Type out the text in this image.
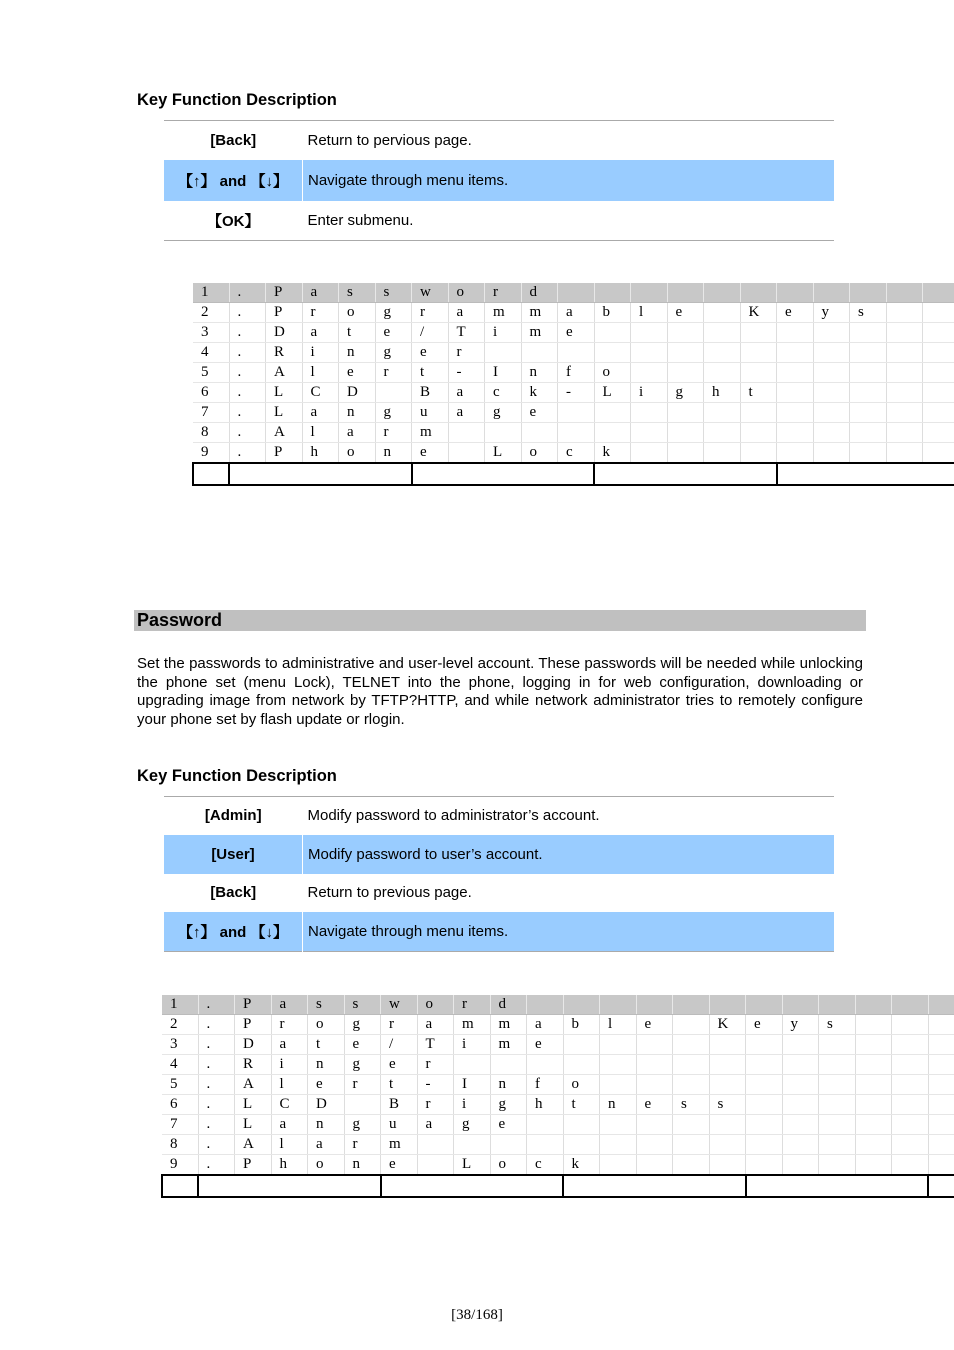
Key Function Description
[Back]	Return to pervious page.
【↑】 and 【↓】	Navigate through menu items.
【OK】	Enter submenu.
1	.	P	a	s	s	w	o	r	d												
2	.	P	r	o	g	r	a	m	m	a	b	l	e		K	e	y	s			
3	.	D	a	t	e	/	T	i	m	e											
4	.	R	i	n	g	e	r														
5	.	A	l	e	r	t	-	I	n	f	o										
6	.	L	C	D		B	a	c	k	-	L	i	g	h	t						
7	.	L	a	n	g	u	a	g	e												
8	.	A	l	a	r	m															
9	.	P	h	o	n	e		L	o	c	k										

Password

Set the passwords to administrative and user-level account. These passwords will be needed while unlocking the phone set (menu Lock), TELNET into the phone, logging in for web configuration, downloading or upgrading image from network by TFTP?HTTP, and while network administrator tries to remotely configure your phone set by flash update or rlogin.

Key Function Description
[Admin]	Modify password to administrator’s account.
[User]	Modify password to user’s account.
[Back]	Return to previous page.
【↑】 and 【↓】	Navigate through menu items.
1	.	P	a	s	s	w	o	r	d												
2	.	P	r	o	g	r	a	m	m	a	b	l	e		K	e	y	s			
3	.	D	a	t	e	/	T	i	m	e											
4	.	R	i	n	g	e	r														
5	.	A	l	e	r	t	-	I	n	f	o										
6	.	L	C	D		B	r	i	g	h	t	n	e	s	s						
7	.	L	a	n	g	u	a	g	e												
8	.	A	l	a	r	m															
9	.	P	h	o	n	e		L	o	c	k										

[38/168]
